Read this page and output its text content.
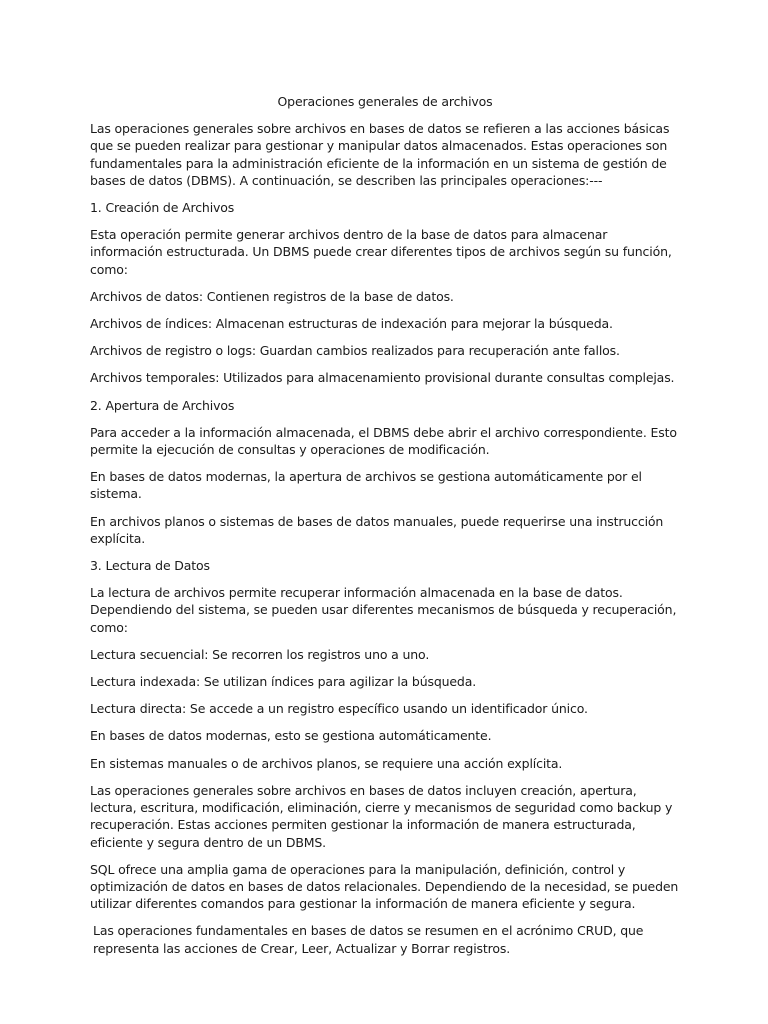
Operaciones generales de archivos
Las operaciones generales sobre archivos en bases de datos se refieren a las acciones básicas que se pueden realizar para gestionar y manipular datos almacenados. Estas operaciones son fundamentales para la administración eficiente de la información en un sistema de gestión de bases de datos (DBMS). A continuación, se describen las principales operaciones:---
1. Creación de Archivos
Esta operación permite generar archivos dentro de la base de datos para almacenar información estructurada. Un DBMS puede crear diferentes tipos de archivos según su función, como:
Archivos de datos: Contienen registros de la base de datos.
Archivos de índices: Almacenan estructuras de indexación para mejorar la búsqueda.
Archivos de registro o logs: Guardan cambios realizados para recuperación ante fallos.
Archivos temporales: Utilizados para almacenamiento provisional durante consultas complejas.
2. Apertura de Archivos
Para acceder a la información almacenada, el DBMS debe abrir el archivo correspondiente. Esto permite la ejecución de consultas y operaciones de modificación.
En bases de datos modernas, la apertura de archivos se gestiona automáticamente por el sistema.
En archivos planos o sistemas de bases de datos manuales, puede requerirse una instrucción explícita.
3. Lectura de Datos
La lectura de archivos permite recuperar información almacenada en la base de datos. Dependiendo del sistema, se pueden usar diferentes mecanismos de búsqueda y recuperación, como:
Lectura secuencial: Se recorren los registros uno a uno.
Lectura indexada: Se utilizan índices para agilizar la búsqueda.
Lectura directa: Se accede a un registro específico usando un identificador único.
En bases de datos modernas, esto se gestiona automáticamente.
En sistemas manuales o de archivos planos, se requiere una acción explícita.
Las operaciones generales sobre archivos en bases de datos incluyen creación, apertura, lectura, escritura, modificación, eliminación, cierre y mecanismos de seguridad como backup y recuperación. Estas acciones permiten gestionar la información de manera estructurada, eficiente y segura dentro de un DBMS.
SQL ofrece una amplia gama de operaciones para la manipulación, definición, control y optimización de datos en bases de datos relacionales. Dependiendo de la necesidad, se pueden utilizar diferentes comandos para gestionar la información de manera eficiente y segura.
Las operaciones fundamentales en bases de datos se resumen en el acrónimo CRUD, que representa las acciones de Crear, Leer, Actualizar y Borrar registros.
